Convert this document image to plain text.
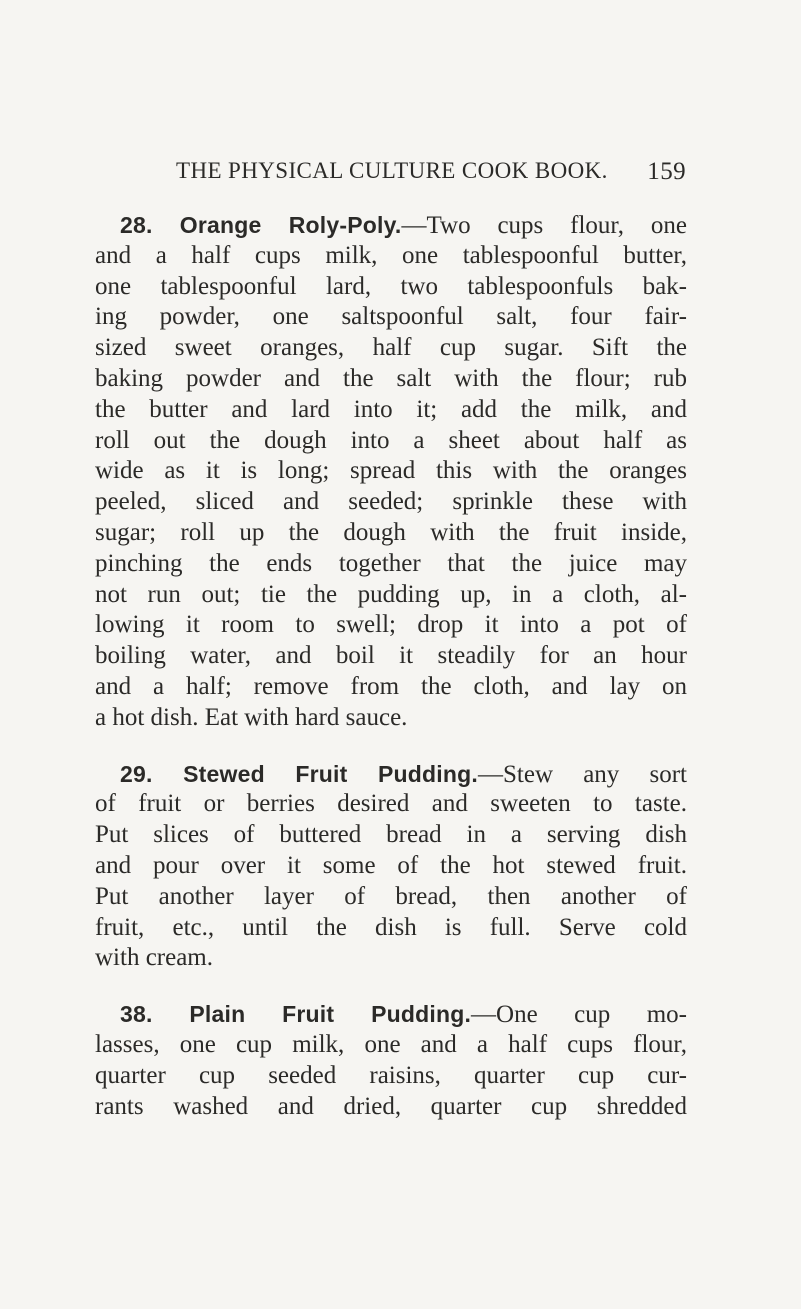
THE PHYSICAL CULTURE COOK BOOK. 159
28. Orange Roly-Poly.—Two cups flour, one
and a half cups milk, one tablespoonful butter,
one tablespoonful lard, two tablespoonfuls bak-
ing powder, one saltspoonful salt, four fair-
sized sweet oranges, half cup sugar. Sift the
baking powder and the salt with the flour; rub
the butter and lard into it; add the milk, and
roll out the dough into a sheet about half as
wide as it is long; spread this with the oranges
peeled, sliced and seeded; sprinkle these with
sugar; roll up the dough with the fruit inside,
pinching the ends together that the juice may
not run out; tie the pudding up, in a cloth, al-
lowing it room to swell; drop it into a pot of
boiling water, and boil it steadily for an hour
and a half; remove from the cloth, and lay on
a hot dish. Eat with hard sauce.
29. Stewed Fruit Pudding.—Stew any sort
of fruit or berries desired and sweeten to taste.
Put slices of buttered bread in a serving dish
and pour over it some of the hot stewed fruit.
Put another layer of bread, then another of
fruit, etc., until the dish is full. Serve cold
with cream.
38. Plain Fruit Pudding.—One cup mo-
lasses, one cup milk, one and a half cups flour,
quarter cup seeded raisins, quarter cup cur-
rants washed and dried, quarter cup shredded
